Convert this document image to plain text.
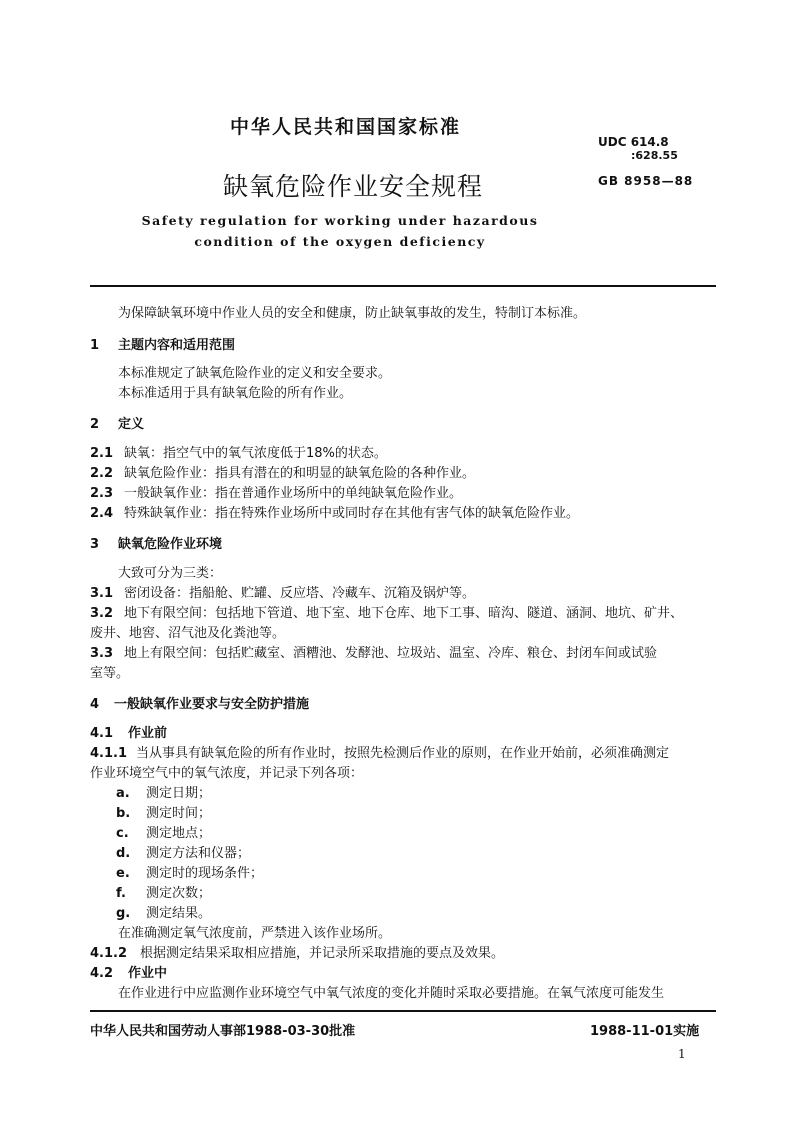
中华人民共和国国家标准
UDC 614.8
:628.55
缺氧危险作业安全规程	GB 8958—88
Safety regulation for working under hazardous
condition of the oxygen deficiency
为保障缺氧环境中作业人员的安全和健康，防止缺氧事故的发生，特制订本标准。
1 主题内容和适用范围
本标准规定了缺氧危险作业的定义和安全要求。
本标准适用于具有缺氧危险的所有作业。
2 定义
2.1 缺氧：指空气中的氧气浓度低于18%的状态。
2.2 缺氧危险作业：指具有潜在的和明显的缺氧危险的各种作业。
2.3 一般缺氧作业：指在普通作业场所中的单纯缺氧危险作业。
2.4 特殊缺氧作业：指在特殊作业场所中或同时存在其他有害气体的缺氧危险作业。
3 缺氧危险作业环境
大致可分为三类：
3.1 密闭设备：指船舱、贮罐、反应塔、冷藏车、沉箱及锅炉等。
3.2 地下有限空间：包括地下管道、地下室、地下仓库、地下工事、暗沟、隧道、涵洞、地坑、矿井、
废井、地窖、沼气池及化粪池等。
3.3 地上有限空间：包括贮藏室、酒糟池、发酵池、垃圾站、温室、冷库、粮仓、封闭车间或试验
室等。
4 一般缺氧作业要求与安全防护措施
4.1 作业前
4.1.1 当从事具有缺氧危险的所有作业时，按照先检测后作业的原则，在作业开始前，必须准确测定
作业环境空气中的氧气浓度，并记录下列各项：
a. 测定日期；
b. 测定时间；
c. 测定地点；
d. 测定方法和仪器；
e. 测定时的现场条件；
f. 测定次数；
g. 测定结果。
在准确测定氧气浓度前，严禁进入该作业场所。
4.1.2 根据测定结果采取相应措施，并记录所采取措施的要点及效果。
4.2 作业中
在作业进行中应监测作业环境空气中氧气浓度的变化并随时采取必要措施。在氧气浓度可能发生
中华人民共和国劳动人事部1988-03-30批准	1988-11-01实施
1
